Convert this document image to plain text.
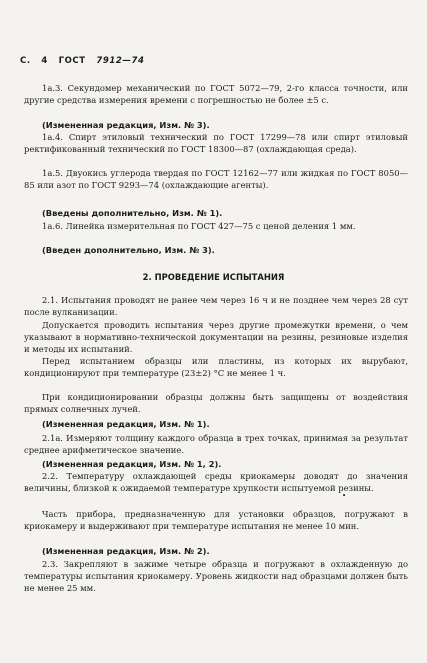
С. 4 ГОСТ 7912—74
1а.3. Секундомер механический по ГОСТ 5072—79, 2-го класса точности, или другие средства измерения времени с погрешностью не более ±5 с.
(Измененная редакция, Изм. № 3).
1а.4. Спирт этиловый технический по ГОСТ 17299—78 или спирт этиловый ректификованный технический по ГОСТ 18300—87 (охлаждающая среда).
1а.5. Двуокись углерода твердая по ГОСТ 12162—77 или жидкая по ГОСТ 8050—85 или азот по ГОСТ 9293—74 (охлаждающие агенты).
(Введены дополнительно, Изм. № 1).
1а.6. Линейка измерительная по ГОСТ 427—75 с ценой деления 1 мм.
(Введен дополнительно, Изм. № 3).
2. ПРОВЕДЕНИЕ ИСПЫТАНИЯ
2.1. Испытания проводят не ранее чем через 16 ч и не позднее чем через 28 сут после вулканизации.
Допускается проводить испытания через другие промежутки времени, о чем указывают в нормативно-технической документации на резины, резиновые изделия и методы их испытаний.
Перед испытанием образцы или пластины, из которых их вырубают, кондиционируют при температуре (23±2) °С не менее 1 ч.
При кондиционировании образцы должны быть защищены от воздействия прямых солнечных лучей.
(Измененная редакция, Изм. № 1).
2.1а. Измеряют толщину каждого образца в трех точках, принимая за результат среднее арифметическое значение.
(Измененная редакция, Изм. № 1, 2).
2.2. Температуру охлаждающей среды криокамеры доводят до значения величины, близкой к ожидаемой температуре хрупкости испытуемой резины.
Часть прибора, предназначенную для установки образцов, погружают в криокамеру и выдерживают при температуре испытания не менее 10 мин.
(Измененная редакция, Изм. № 2).
2.3. Закрепляют в зажиме четыре образца и погружают в охлажденную до температуры испытания криокамеру. Уровень жидкости над образцами должен быть не менее 25 мм.
•
